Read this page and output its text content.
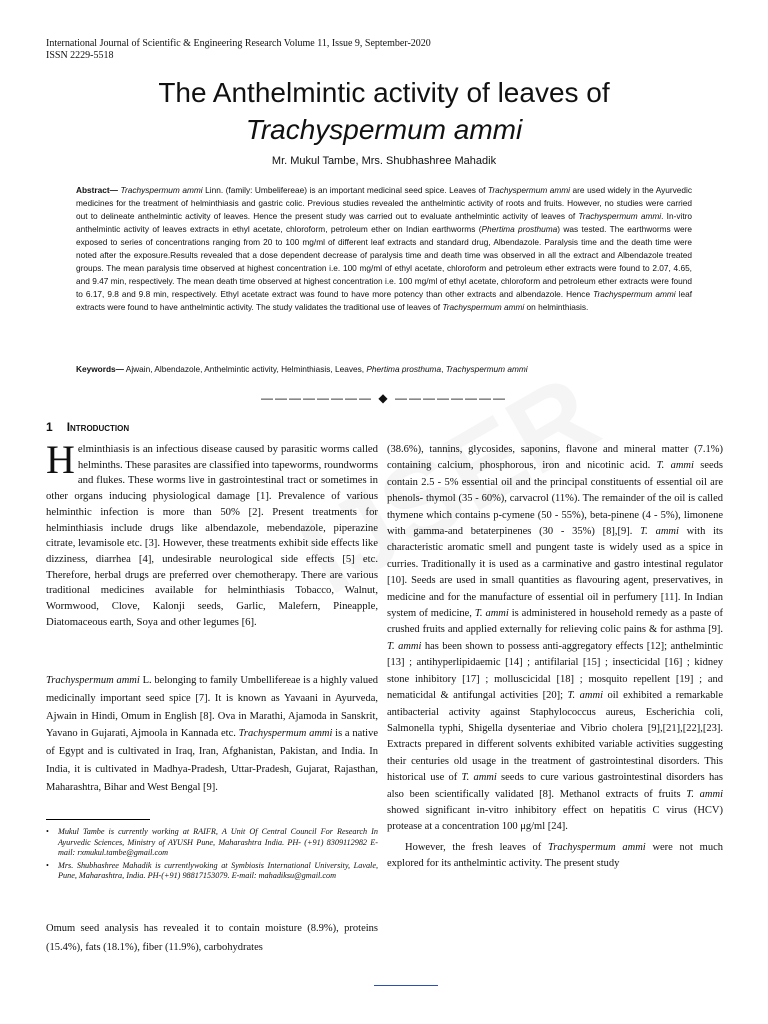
International Journal of Scientific & Engineering Research Volume 11, Issue 9, September-2020
ISSN 2229-5518
The Anthelmintic activity of leaves of
Trachyspermum ammi
Mr. Mukul Tambe, Mrs. Shubhashree Mahadik

Abstract— Trachyspermum ammi Linn. (family: Umbelifereae) is an important medicinal seed spice. Leaves of Trachyspermum ammi are used widely in the Ayurvedic medicines for the treatment of helminthiasis and gastric colic. Previous studies revealed the anthelmintic activity of roots and fruits. However, no studies were carried out to delineate anthelmintic activity of leaves. Hence the present study was carried out to evaluate anthelmintic activity of leaves of Trachyspermum ammi. In-vitro anthelmintic activity of leaves extracts in ethyl acetate, chloroform, petroleum ether on Indian earthworms (Phertima prosthuma) was tested. The earthworms were exposed to series of concentrations ranging from 20 to 100 mg/ml of different leaf extracts and standard drug, Albendazole. Paralysis time and the death time were noted after the exposure.Results revealed that a dose dependent decrease of paralysis time and death time was observed in all the extract and Albendazole treated groups. The mean paralysis time observed at highest concentration i.e. 100 mg/ml of ethyl acetate, chloroform and petroleum ether extracts were found to 2.07, 4.65, and 9.47 min, respectively. The mean death time observed at highest concentration i.e. 100 mg/ml of ethyl acetate, chloroform and petroleum ether extracts were found to 6.17, 9.8 and 9.8 min, respectively. Ethyl acetate extract was found to have more potency than other extracts and albendazole. Hence Trachyspermum ammi leaf extracts were found to have anthelmintic activity. The study validates the traditional use of leaves of Trachyspermum ammi on helminthiasis.

Keywords— Ajwain, Albendazole, Anthelmintic activity, Helminthiasis, Leaves, Phertima prosthuma, Trachyspermum ammi

———————— ◆ ————————
1 Introduction
Helminthiasis is an infectious disease caused by parasitic worms called helminths. These parasites are classified into tapeworms, roundworms and flukes. These worms live in gastrointestinal tract or sometimes in other organs inducing physiological damage [1]. Prevalence of various helminthic infection is more than 50% [2]. Present treatments for helminthiasis include drugs like albendazole, mebendazole, piperazine citrate, levamisole etc. [3]. However, these treatments exhibit side effects like dizziness, diarrhea [4], undesirable neurological side effects [5] etc. Therefore, herbal drugs are preferred over chemotherapy. There are various traditional medicines available for helminthiasis Tobacco, Walnut, Wormwood, Clove, Kalonji seeds, Garlic, Malefern, Pineapple, Diatomaceous earth, Soya and other legumes [6].
Trachyspermum ammi L. belonging to family Umbellifereae is a highly valued medicinally important seed spice [7]. It is known as Yavaani in Ayurveda, Ajwain in Hindi, Omum in English [8]. Ova in Marathi, Ajamoda in Sanskrit, Yavano in Gujarati, Ajmoola in Kannada etc. Trachyspermum ammi is a native of Egypt and is cultivated in Iraq, Iran, Afghanistan, Pakistan, and India. In India, it is cultivated in Madhya-Pradesh, Uttar-Pradesh, Gujarat, Rajasthan, Maharashtra, Bihar and West Bengal [9].
• Mukul Tambe is currently working at RAIFR, A Unit Of Central Council For Research In Ayurvedic Sciences, Ministry of AYUSH Pune, Maharashtra India. PH- (+91) 8309112982 E-mail: rxmukul.tambe@gmail.com
• Mrs. Shubhashree Mahadik is currentlywoking at Symbiosis International University, Lavale, Pune, Maharashtra, India. PH-(+91) 98817153079. E-mail: mahadiksu@gmail.com
Omum seed analysis has revealed it to contain moisture (8.9%), proteins (15.4%), fats (18.1%), fiber (11.9%), carbohydrates

(38.6%), tannins, glycosides, saponins, flavone and mineral matter (7.1%) containing calcium, phosphorous, iron and nicotinic acid. T. ammi seeds contain 2.5 - 5% essential oil and the principal constituents of essential oil are phenols- thymol (35 - 60%), carvacrol (11%). The remainder of the oil is called thymene which contains p-cymene (50 - 55%), beta-pinene (4 - 5%), limonene with gamma-and betaterpinenes (30 - 35%) [8],[9]. T. ammi with its characteristic aromatic smell and pungent taste is widely used as a spice in curries. Traditionally it is used as a carminative and gastro intestinal regulator [10]. Seeds are used in small quantities as flavouring agent, preservatives, in medicine and for the manufacture of essential oil in perfumery [11]. In Indian system of medicine, T. ammi is administered in household remedy as a paste of crushed fruits and applied externally for relieving colic pains & for asthma [9]. T. ammi has been shown to possess anti-aggregatory effects [12]; anthelmintic [13] ; antihyperlipidaemic [14] ; antifilarial [15] ; insecticidal [16] ; kidney stone inhibitory [17] ; molluscicidal [18] ; mosquito repellent [19] ; and nematicidal & antifungal activities [20]; T. ammi oil exhibited a remarkable antibacterial activity against Staphylococcus aureus, Escherichia coli, Salmonella typhi, Shigella dysenteriae and Vibrio cholera [9],[21],[22],[23]. Extracts prepared in different solvents exhibited variable activities suggesting their centuries old usage in the treatment of gastrointestinal disorders. This historical use of T. ammi seeds to cure various gastrointestinal disorders has also been scientifically validated [8]. Methanol extracts of fruits T. ammi showed significant in-vitro inhibitory effect on hepatitis C virus (HCV) protease at a concentration 100 μg/ml [24].

However, the fresh leaves of Trachyspermum ammi were not much explored for its anthelmintic activity. The present study
